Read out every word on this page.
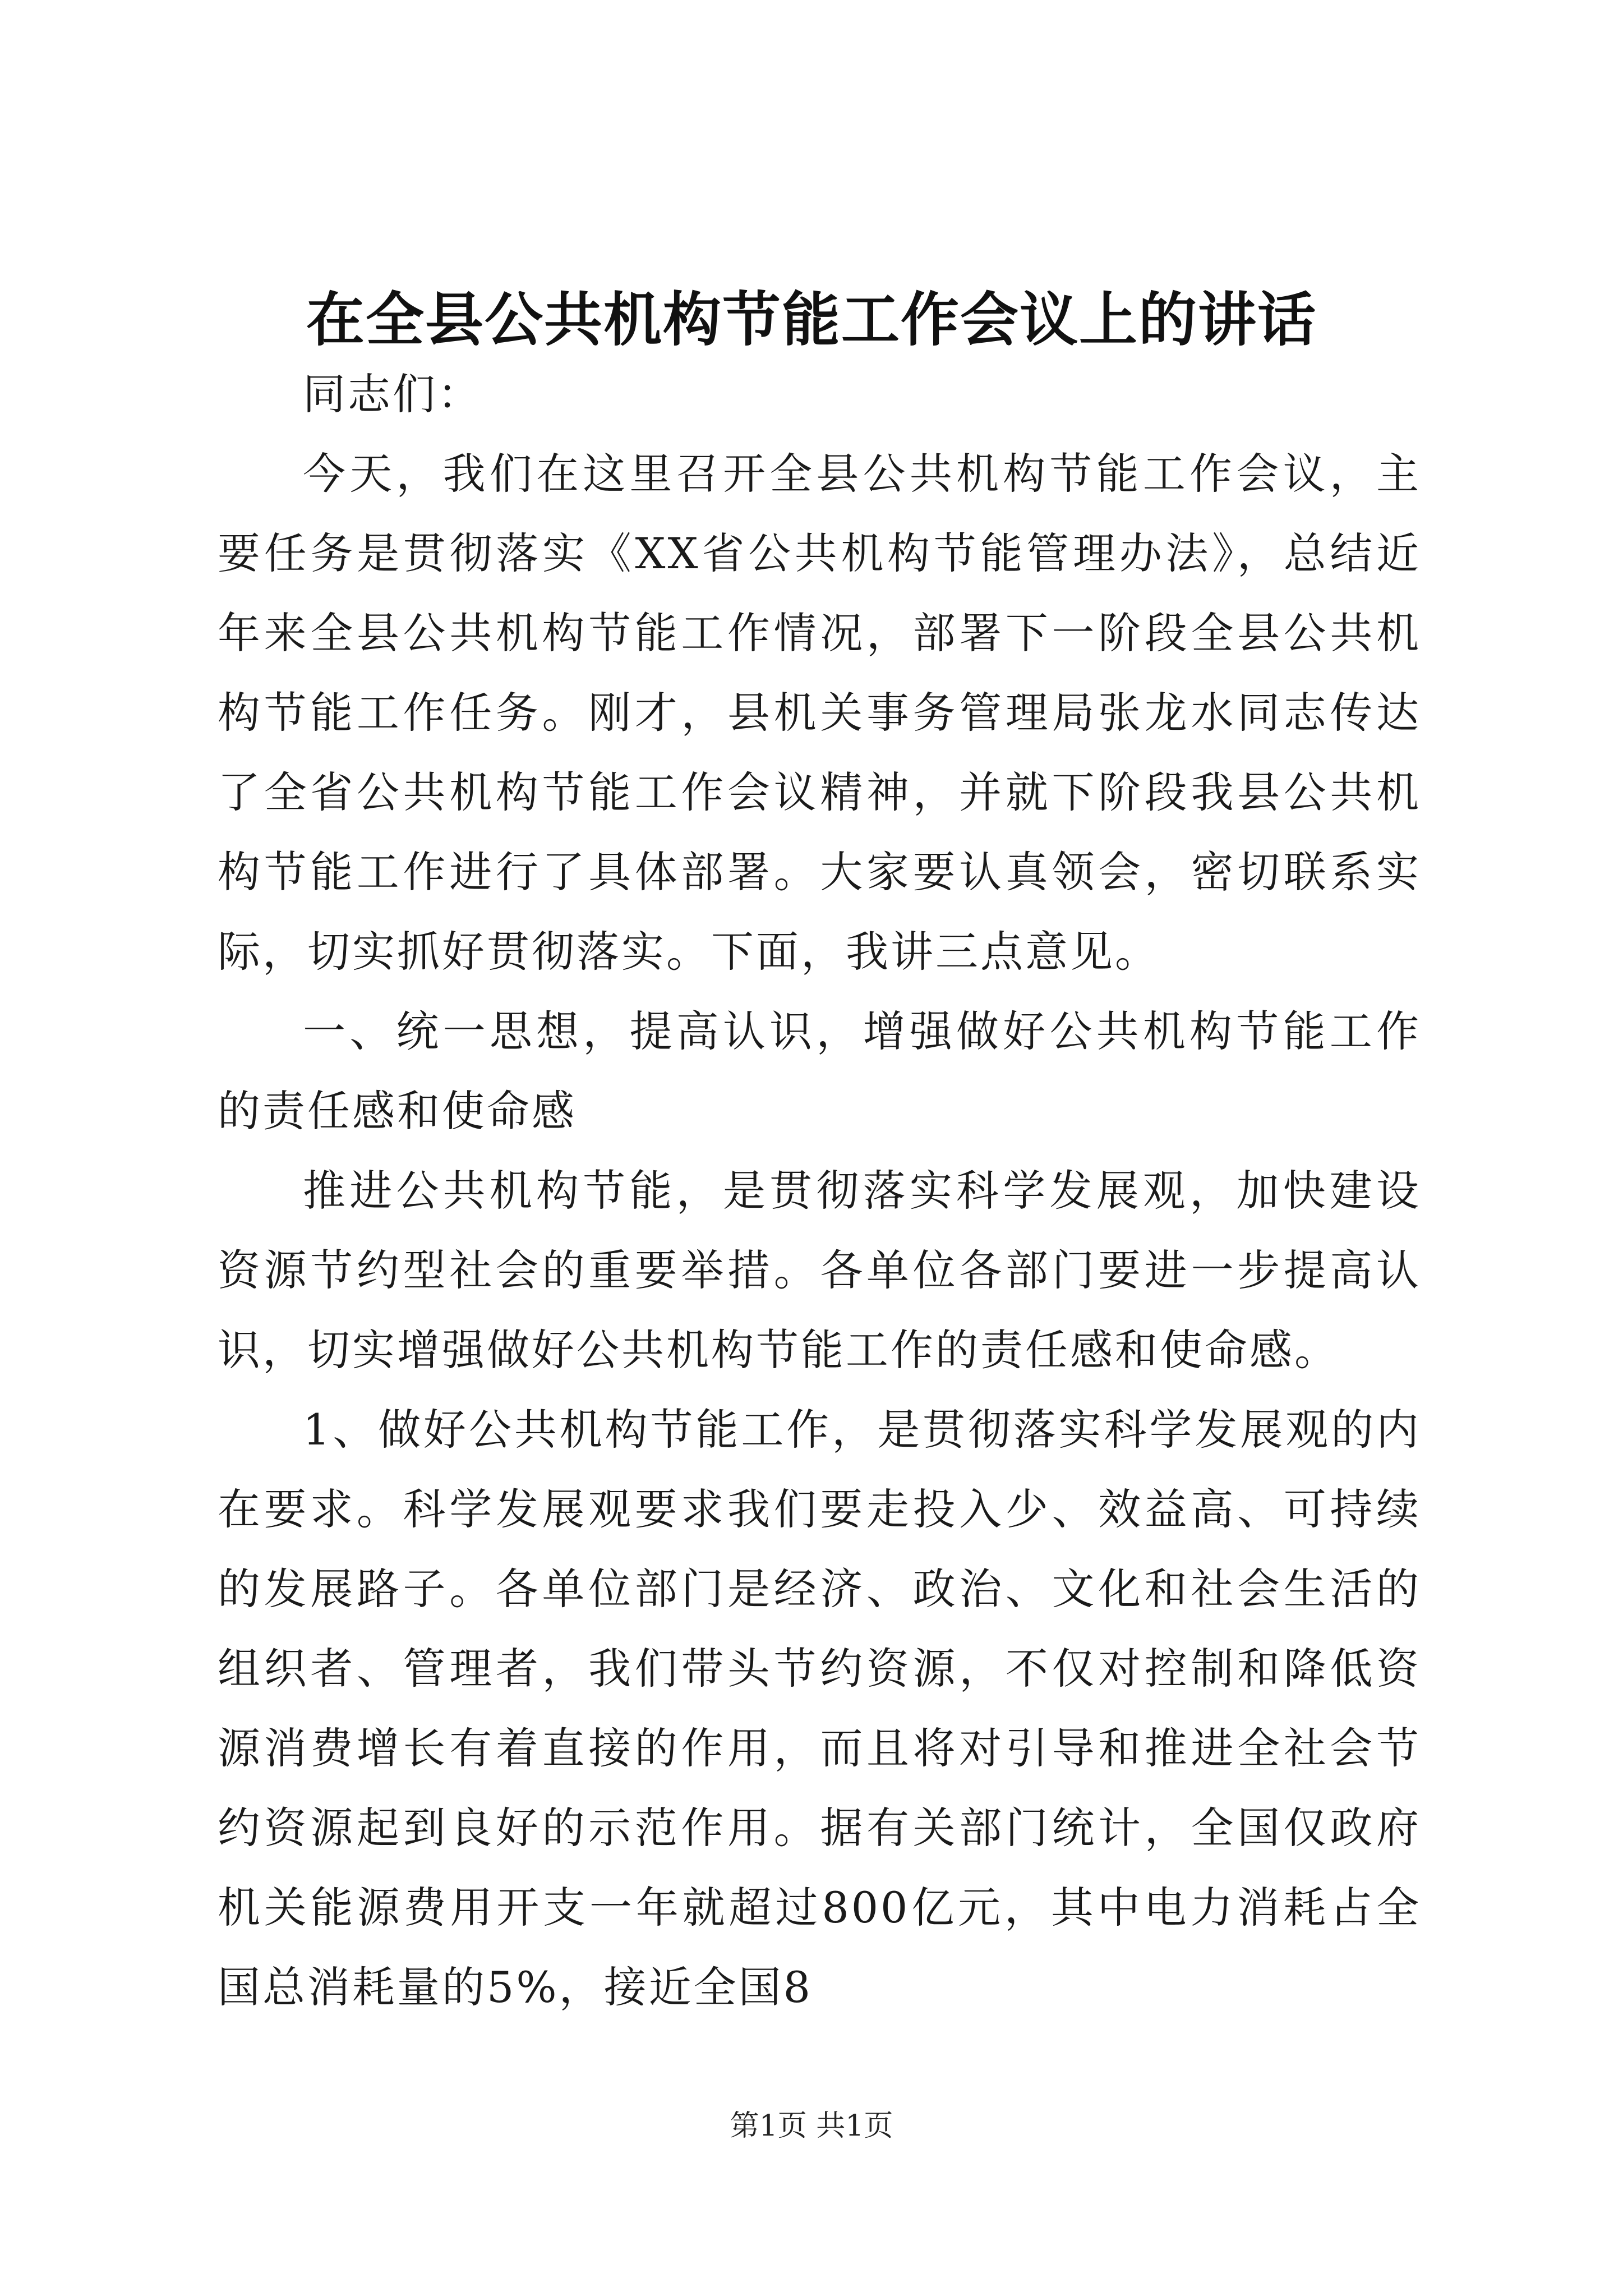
在全县公共机构节能工作会议上的讲话

同志们：

今天，我们在这里召开全县公共机构节能工作会议，主要任务是贯彻落实《XX省公共机构节能管理办法》，总结近年来全县公共机构节能工作情况，部署下一阶段全县公共机构节能工作任务。刚才，县机关事务管理局张龙水同志传达了全省公共机构节能工作会议精神，并就下阶段我县公共机构节能工作进行了具体部署。大家要认真领会，密切联系实际，切实抓好贯彻落实。下面，我讲三点意见。

一、统一思想，提高认识，增强做好公共机构节能工作的责任感和使命感

推进公共机构节能，是贯彻落实科学发展观，加快建设资源节约型社会的重要举措。各单位各部门要进一步提高认识，切实增强做好公共机构节能工作的责任感和使命感。

1、做好公共机构节能工作，是贯彻落实科学发展观的内在要求。科学发展观要求我们要走投入少、效益高、可持续的发展路子。各单位部门是经济、政治、文化和社会生活的组织者、管理者，我们带头节约资源，不仅对控制和降低资源消费增长有着直接的作用，而且将对引导和推进全社会节约资源起到良好的示范作用。据有关部门统计，全国仅政府机关能源费用开支一年就超过800亿元，其中电力消耗占全国总消耗量的5%，接近全国8

第1页 共1页
